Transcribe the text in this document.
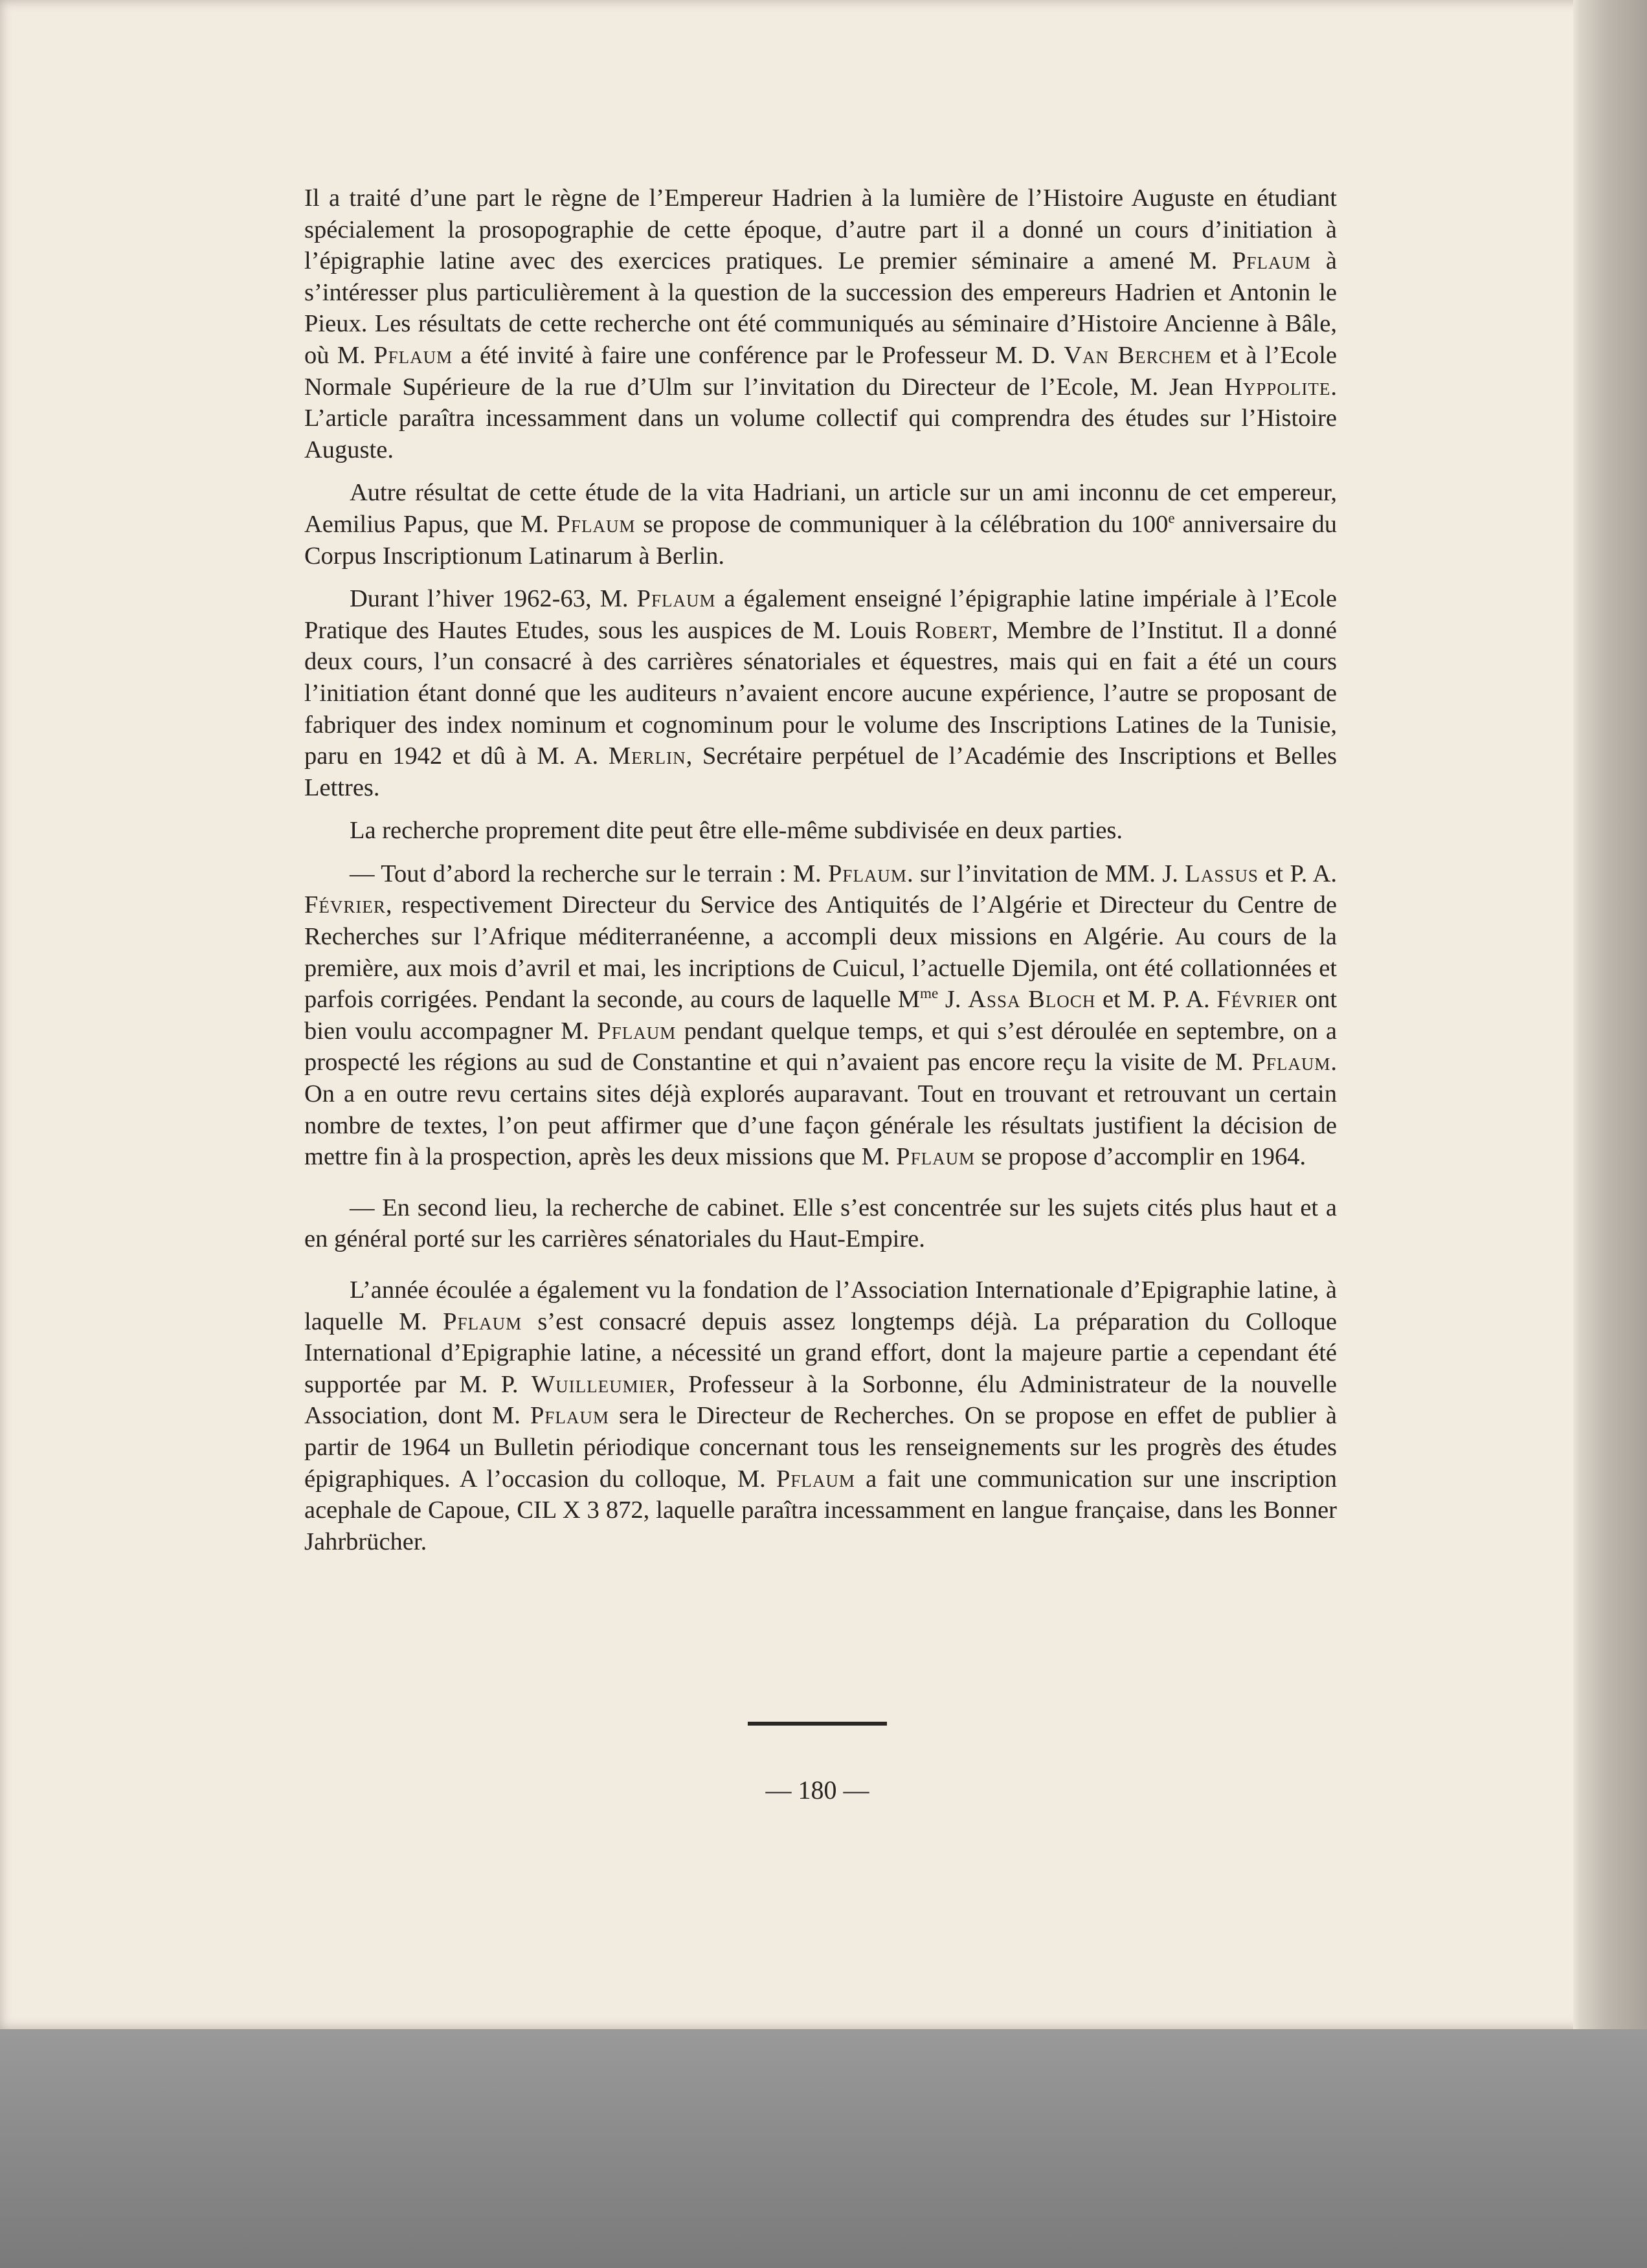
Il a traité d’une part le règne de l’Empereur Hadrien à la lumière de l’Histoire Auguste en étudiant spécialement la prosopographie de cette époque, d’autre part il a donné un cours d’initiation à l’épigraphie latine avec des exercices pratiques. Le premier séminaire a amené M. Pflaum à s’intéresser plus particulièrement à la question de la succession des empereurs Hadrien et Antonin le Pieux. Les résultats de cette recherche ont été communiqués au séminaire d’Histoire Ancienne à Bâle, où M. Pflaum a été invité à faire une conférence par le Professeur M. D. Van Berchem et à l’Ecole Normale Supérieure de la rue d’Ulm sur l’invitation du Directeur de l’Ecole, M. Jean Hyppolite. L’article paraîtra incessamment dans un volume collectif qui comprendra des études sur l’Histoire Auguste.

Autre résultat de cette étude de la vita Hadriani, un article sur un ami inconnu de cet empereur, Aemilius Papus, que M. Pflaum se propose de communiquer à la célébration du 100e anniversaire du Corpus Inscriptionum Latinarum à Berlin.

Durant l’hiver 1962-63, M. Pflaum a également enseigné l’épigraphie latine impériale à l’Ecole Pratique des Hautes Etudes, sous les auspices de M. Louis Robert, Membre de l’Institut. Il a donné deux cours, l’un consacré à des carrières sénatoriales et équestres, mais qui en fait a été un cours l’initiation étant donné que les auditeurs n’avaient encore aucune expérience, l’autre se proposant de fabriquer des index nominum et cognominum pour le volume des Inscriptions Latines de la Tunisie, paru en 1942 et dû à M. A. Merlin, Secrétaire perpétuel de l’Académie des Inscriptions et Belles Lettres.

La recherche proprement dite peut être elle-même subdivisée en deux parties.

— Tout d’abord la recherche sur le terrain : M. Pflaum. sur l’invitation de MM. J. Lassus et P. A. Février, respectivement Directeur du Service des Antiquités de l’Algérie et Directeur du Centre de Recherches sur l’Afrique méditerranéenne, a accompli deux missions en Algérie. Au cours de la première, aux mois d’avril et mai, les incriptions de Cuicul, l’actuelle Djemila, ont été collationnées et parfois corrigées. Pendant la seconde, au cours de laquelle $M^{me}$ J. Assa Bloch et M. P. A. Février ont bien voulu accompagner M. Pflaum pendant quelque temps, et qui s’est déroulée en septembre, on a prospecté les régions au sud de Constantine et qui n’avaient pas encore reçu la visite de M. Pflaum. On a en outre revu certains sites déjà explorés auparavant. Tout en trouvant et retrouvant un certain nombre de textes, l’on peut affirmer que d’une façon générale les résultats justifient la décision de mettre fin à la prospection, après les deux missions que M. Pflaum se propose d’accomplir en 1964.

— En second lieu, la recherche de cabinet. Elle s’est concentrée sur les sujets cités plus haut et a en général porté sur les carrières sénatoriales du Haut-Empire.

L’année écoulée a également vu la fondation de l’Association Internationale d’Epigraphie latine, à laquelle M. Pflaum s’est consacré depuis assez longtemps déjà. La préparation du Colloque International d’Epigraphie latine, a nécessité un grand effort, dont la majeure partie a cependant été supportée par M. P. Wuilleumier, Professeur à la Sorbonne, élu Administrateur de la nouvelle Association, dont M. Pflaum sera le Directeur de Recherches. On se propose en effet de publier à partir de 1964 un Bulletin périodique concernant tous les renseignements sur les progrès des études épigraphiques. A l’occasion du colloque, M. Pflaum a fait une communication sur une inscription acephale de Capoue, CIL X 3 872, laquelle paraîtra incessamment en langue française, dans les Bonner Jahrbrücher.

— 180 —
